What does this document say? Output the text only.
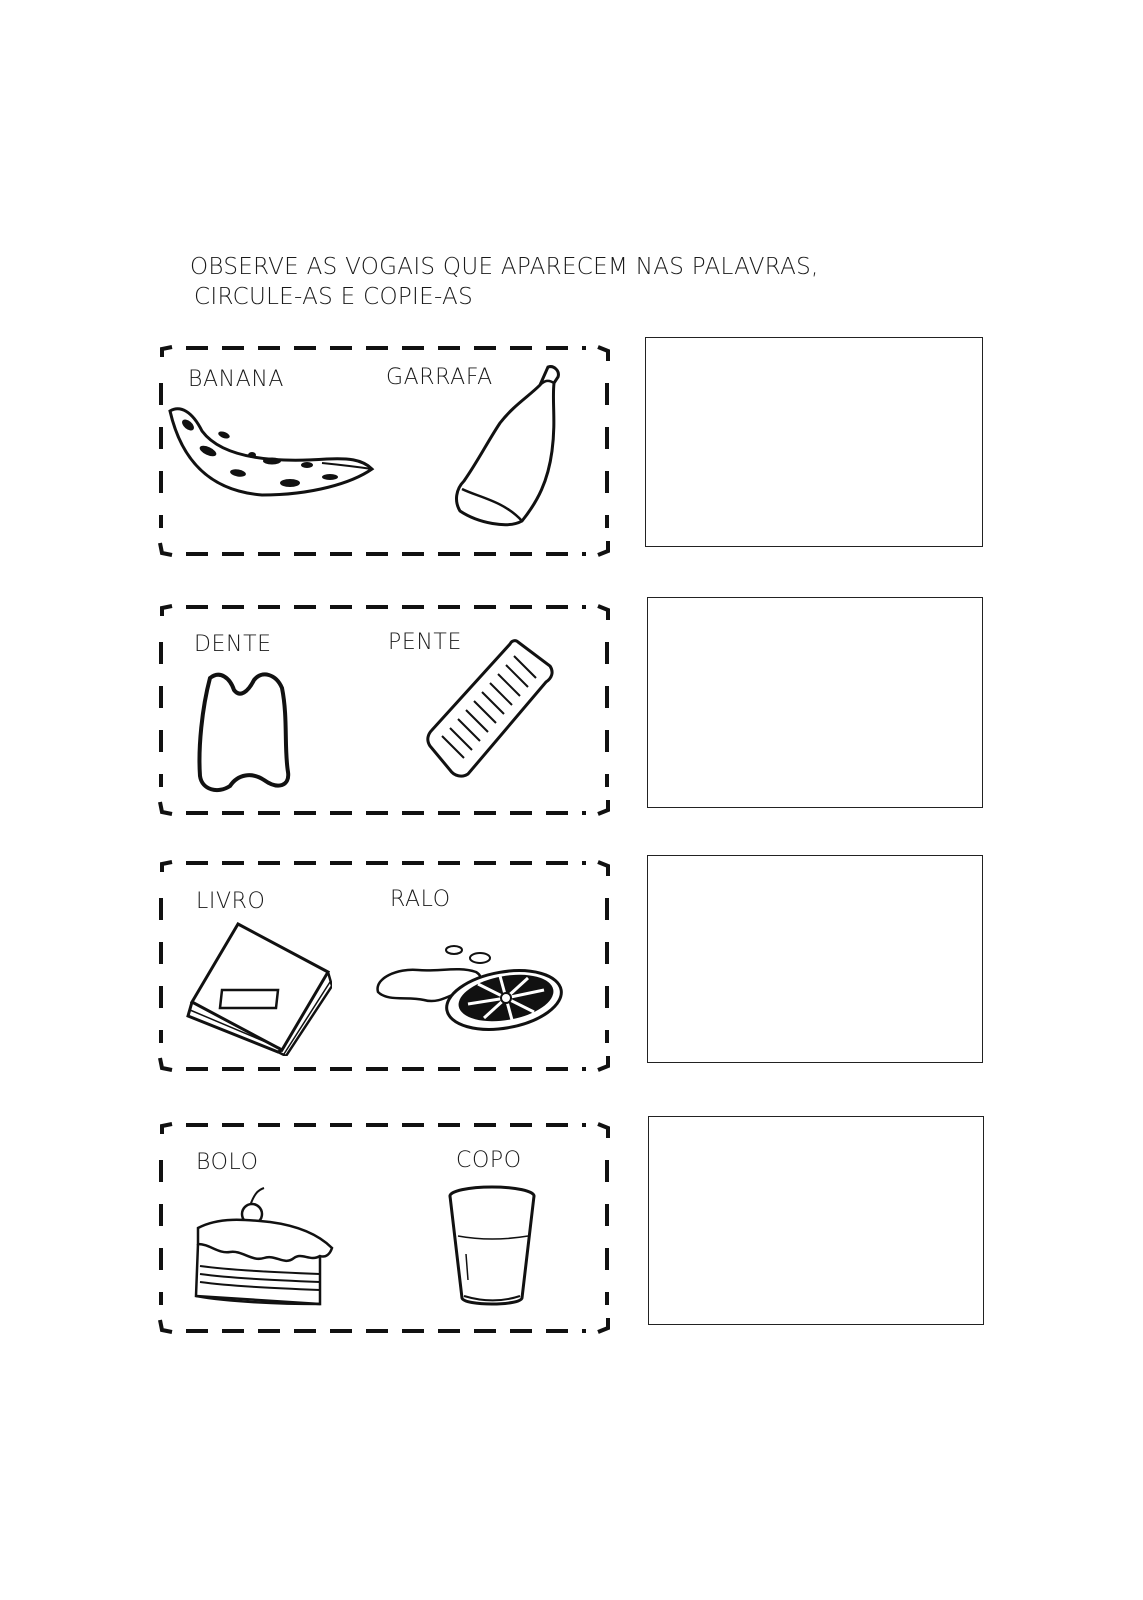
OBSERVE AS VOGAIS QUE APARECEM NAS PALAVRAS,
CIRCULE-AS E COPIE-AS
BANANA	GARRAFA
DENTE	PENTE
LIVRO	RALO
BOLO	COPO
